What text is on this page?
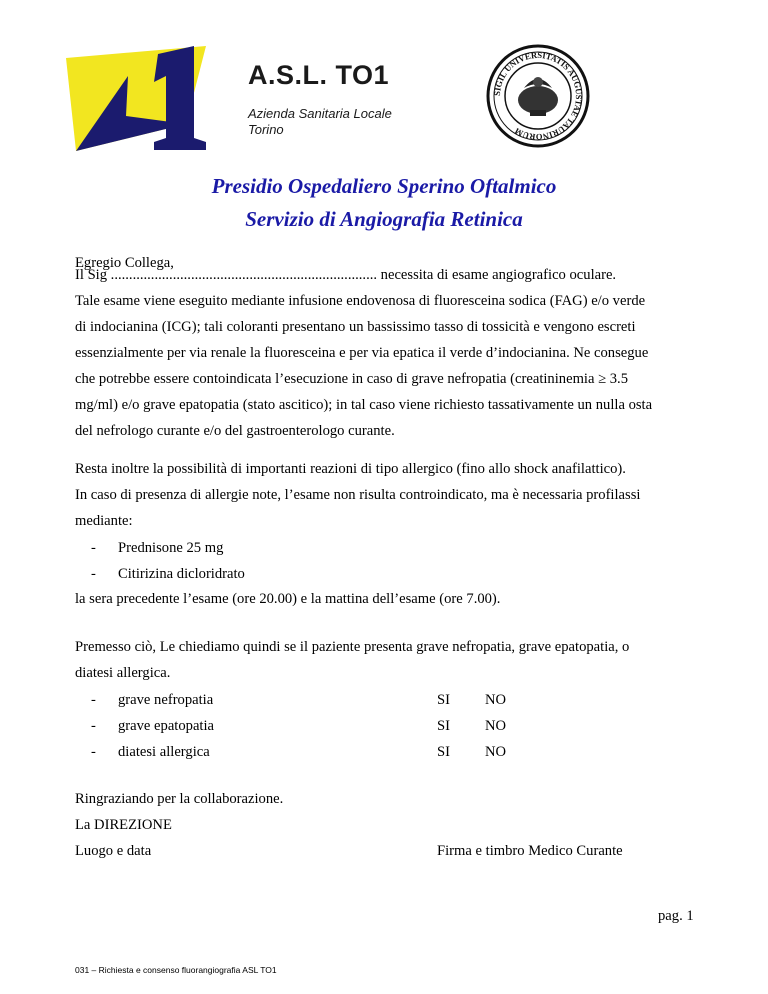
A.S.L. TO1
Azienda Sanitaria Locale
Torino
SIGIL UNIVERSITATIS AUGUSTAE TAURINORUM
Presidio Ospedaliero Sperino Oftalmico
Servizio di Angiografia Retinica
Egregio Collega,
Il Sig ......................................................................... necessita di esame angiografico oculare.
Tale esame viene eseguito mediante infusione endovenosa di fluoresceina sodica (FAG) e/o verde
di indocianina (ICG); tali coloranti presentano un bassissimo tasso di tossicità e vengono escreti
essenzialmente per via renale la fluoresceina e per via epatica il verde d’indocianina. Ne consegue
che potrebbe essere contoindicata l’esecuzione in caso di grave nefropatia (creatininemia ≥ 3.5
mg/ml) e/o grave epatopatia (stato ascitico); in tal caso viene richiesto tassativamente un nulla osta
del nefrologo curante e/o del gastroenterologo curante.
Resta inoltre la possibilità di importanti reazioni di tipo allergico (fino allo shock anafilattico).
In caso di presenza di allergie note, l’esame non risulta controindicato, ma è necessaria profilassi
mediante:
- Prednisone 25 mg
- Citirizina dicloridrato
la sera precedente l’esame (ore 20.00) e la mattina dell’esame (ore 7.00).
Premesso ciò, Le chiediamo quindi se il paziente presenta grave nefropatia, grave epatopatia, o
diatesi allergica.
- grave nefropatia	SI NO
- grave epatopatia	SI NO
- diatesi allergica	SI NO
Ringraziando per la collaborazione.
La DIREZIONE
Luogo e data	Firma e timbro Medico Curante
pag. 1
031 – Richiesta e consenso fluorangiografia ASL TO1
